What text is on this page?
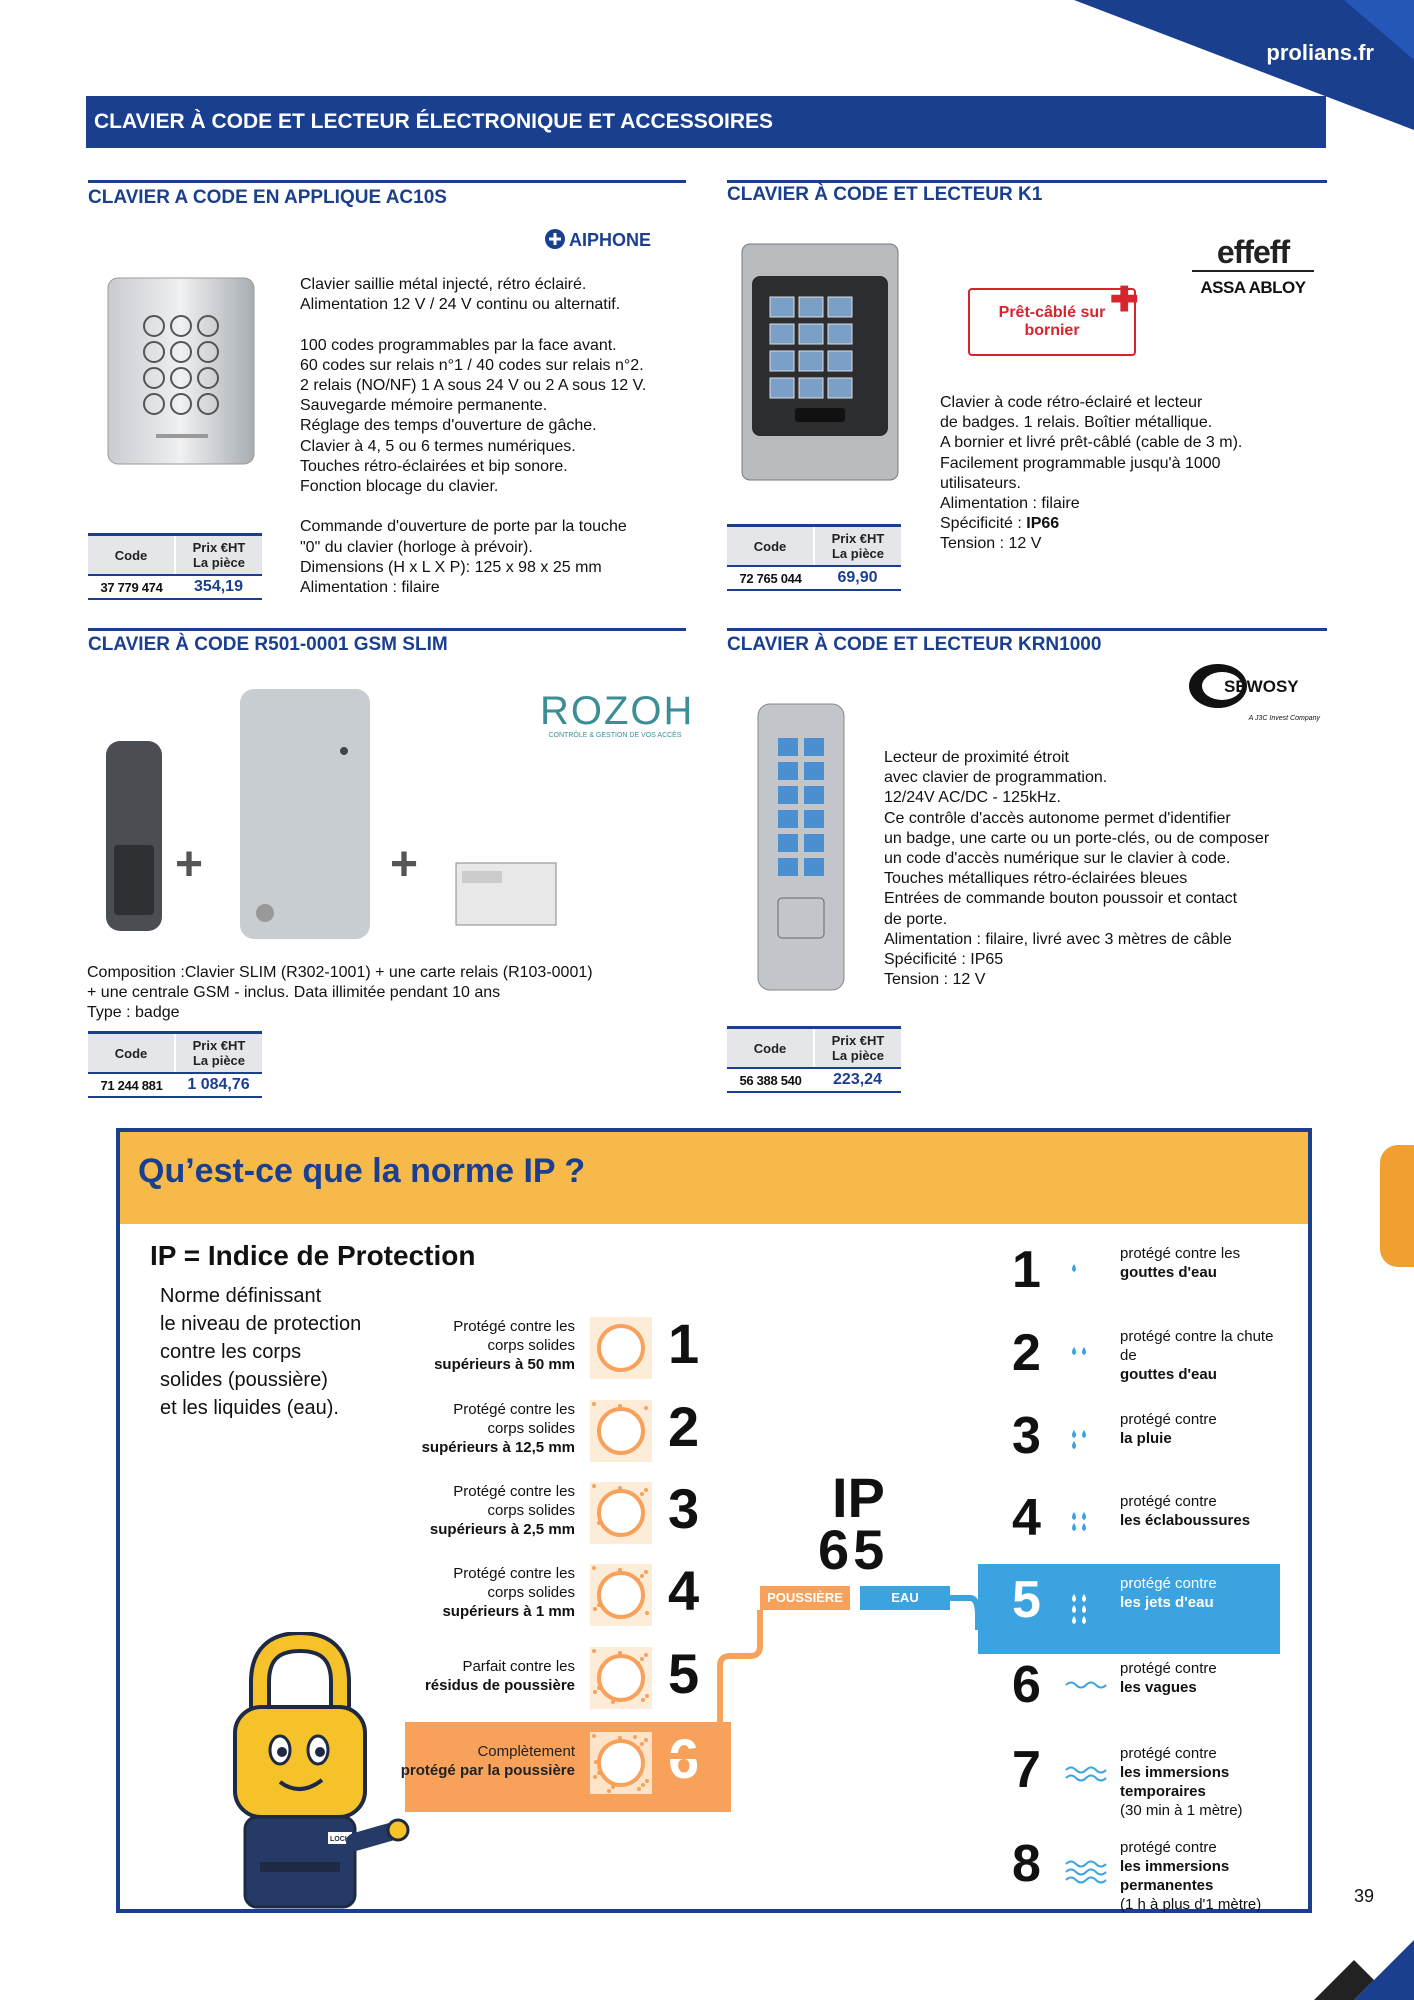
prolians.fr
CLAVIER À CODE ET LECTEUR ÉLECTRONIQUE ET ACCESSOIRES
CLAVIER A CODE EN APPLIQUE AC10S
AIPHONE
Clavier saillie métal injecté, rétro éclairé.
Alimentation 12 V / 24 V continu ou alternatif.

100 codes programmables par la face avant.
60 codes sur relais n°1 / 40 codes sur relais n°2.
2 relais (NO/NF) 1 A sous 24 V ou 2 A sous 12 V.
Sauvegarde mémoire permanente.
Réglage des temps d'ouverture de gâche.
Clavier à 4, 5 ou 6 termes numériques.
Touches rétro-éclairées et bip sonore.
Fonction blocage du clavier.

Commande d'ouverture de porte par la touche
"0" du clavier (horloge à prévoir).
Dimensions (H x L X P): 125 x 98 x 25 mm
Alimentation : filaire
Code	Prix €HT
La pièce
37 779 474	354,19
CLAVIER À CODE ET LECTEUR K1
effeff
ASSA ABLOY
Prêt-câblé sur bornier
✚
Clavier à code rétro-éclairé et lecteur
de badges. 1 relais. Boîtier métallique.
A bornier et livré prêt-câblé (cable de 3 m).
Facilement programmable jusqu'à 1000
utilisateurs.
Alimentation : filaire
Spécificité : IP66
Tension : 12 V
Code	Prix €HT
La pièce
72 765 044	69,90
CLAVIER À CODE R501-0001 GSM SLIM
ROZOH
CONTRÔLE & GESTION DE VOS ACCÈS
+	+
Composition :Clavier SLIM (R302-1001) + une carte relais (R103-0001)
+ une centrale GSM - inclus. Data illimitée pendant 10 ans
Type : badge
Code	Prix €HT
La pièce
71 244 881	1 084,76
CLAVIER À CODE ET LECTEUR KRN1000
SEWOSY
A J3C Invest Company
Lecteur de proximité étroit
avec clavier de programmation.
12/24V AC/DC - 125kHz.
Ce contrôle d'accès autonome permet d'identifier
un badge, une carte ou un porte-clés, ou de composer
un code d'accès numérique sur le clavier à code.
Touches métalliques rétro-éclairées bleues
Entrées de commande bouton poussoir et contact
de porte.
Alimentation : filaire, livré avec 3 mètres de câble
Spécificité : IP65
Tension : 12 V
Code	Prix €HT
La pièce
56 388 540	223,24
Qu’est-ce que la norme IP ?
IP = Indice de Protection
Norme définissant
le niveau de protection
contre les corps
solides (poussière)
et les liquides (eau).
Protégé contre les
corps solides
supérieurs à 50 mm 1
Protégé contre les
corps solides
supérieurs à 12,5 mm 2
Protégé contre les
corps solides
supérieurs à 2,5 mm 3
Protégé contre les
corps solides
supérieurs à 1 mm 4
Parfait contre les

résidus de poussière 5
Complètement

protégé par la poussière 6
IP
65
POUSSIÈRE	EAU
1	protégé contre les
gouttes d'eau
2	protégé contre la chute de
gouttes d'eau
3	protégé contre
la pluie
4	protégé contre
les éclaboussures
5	protégé contre
les jets d'eau
6	protégé contre
les vagues
7	protégé contre
les immersions temporaires
(30 min à 1 mètre)
8	protégé contre
les immersions permanentes
(1 h à plus d'1 mètre)
LOCKY
39
